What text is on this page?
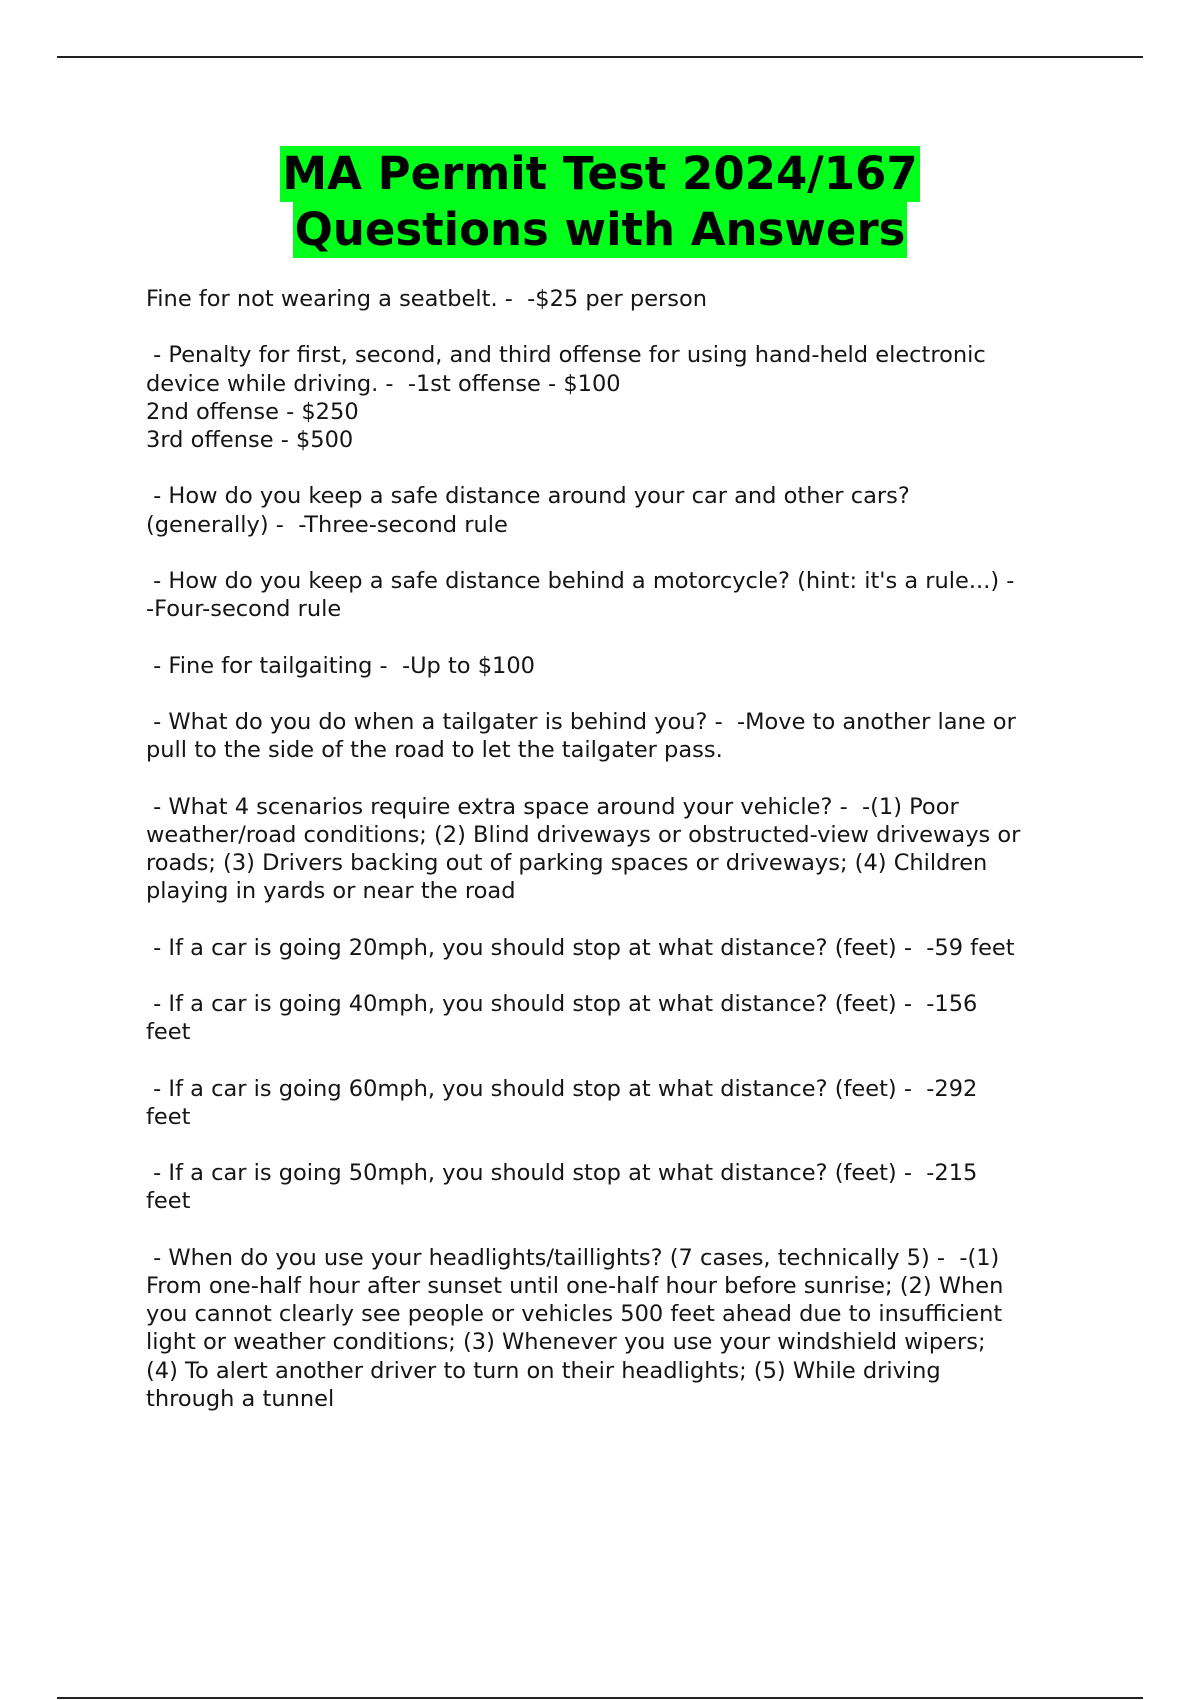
MA Permit Test 2024/167
Questions with Answers
Fine for not wearing a seatbelt. -  -$25 per person
- Penalty for first, second, and third offense for using hand-held electronic
device while driving. -  -1st offense - $100
2nd offense - $250
3rd offense - $500
- How do you keep a safe distance around your car and other cars?
(generally) -  -Three-second rule
- How do you keep a safe distance behind a motorcycle? (hint: it's a rule...) -
-Four-second rule
- Fine for tailgaiting -  -Up to $100
- What do you do when a tailgater is behind you? -  -Move to another lane or
pull to the side of the road to let the tailgater pass.
- What 4 scenarios require extra space around your vehicle? -  -(1) Poor
weather/road conditions; (2) Blind driveways or obstructed-view driveways or
roads; (3) Drivers backing out of parking spaces or driveways; (4) Children
playing in yards or near the road
- If a car is going 20mph, you should stop at what distance? (feet) -  -59 feet
- If a car is going 40mph, you should stop at what distance? (feet) -  -156
feet
- If a car is going 60mph, you should stop at what distance? (feet) -  -292
feet
- If a car is going 50mph, you should stop at what distance? (feet) -  -215
feet
- When do you use your headlights/taillights? (7 cases, technically 5) -  -(1)
From one-half hour after sunset until one-half hour before sunrise; (2) When
you cannot clearly see people or vehicles 500 feet ahead due to insufficient
light or weather conditions; (3) Whenever you use your windshield wipers;
(4) To alert another driver to turn on their headlights; (5) While driving
through a tunnel
